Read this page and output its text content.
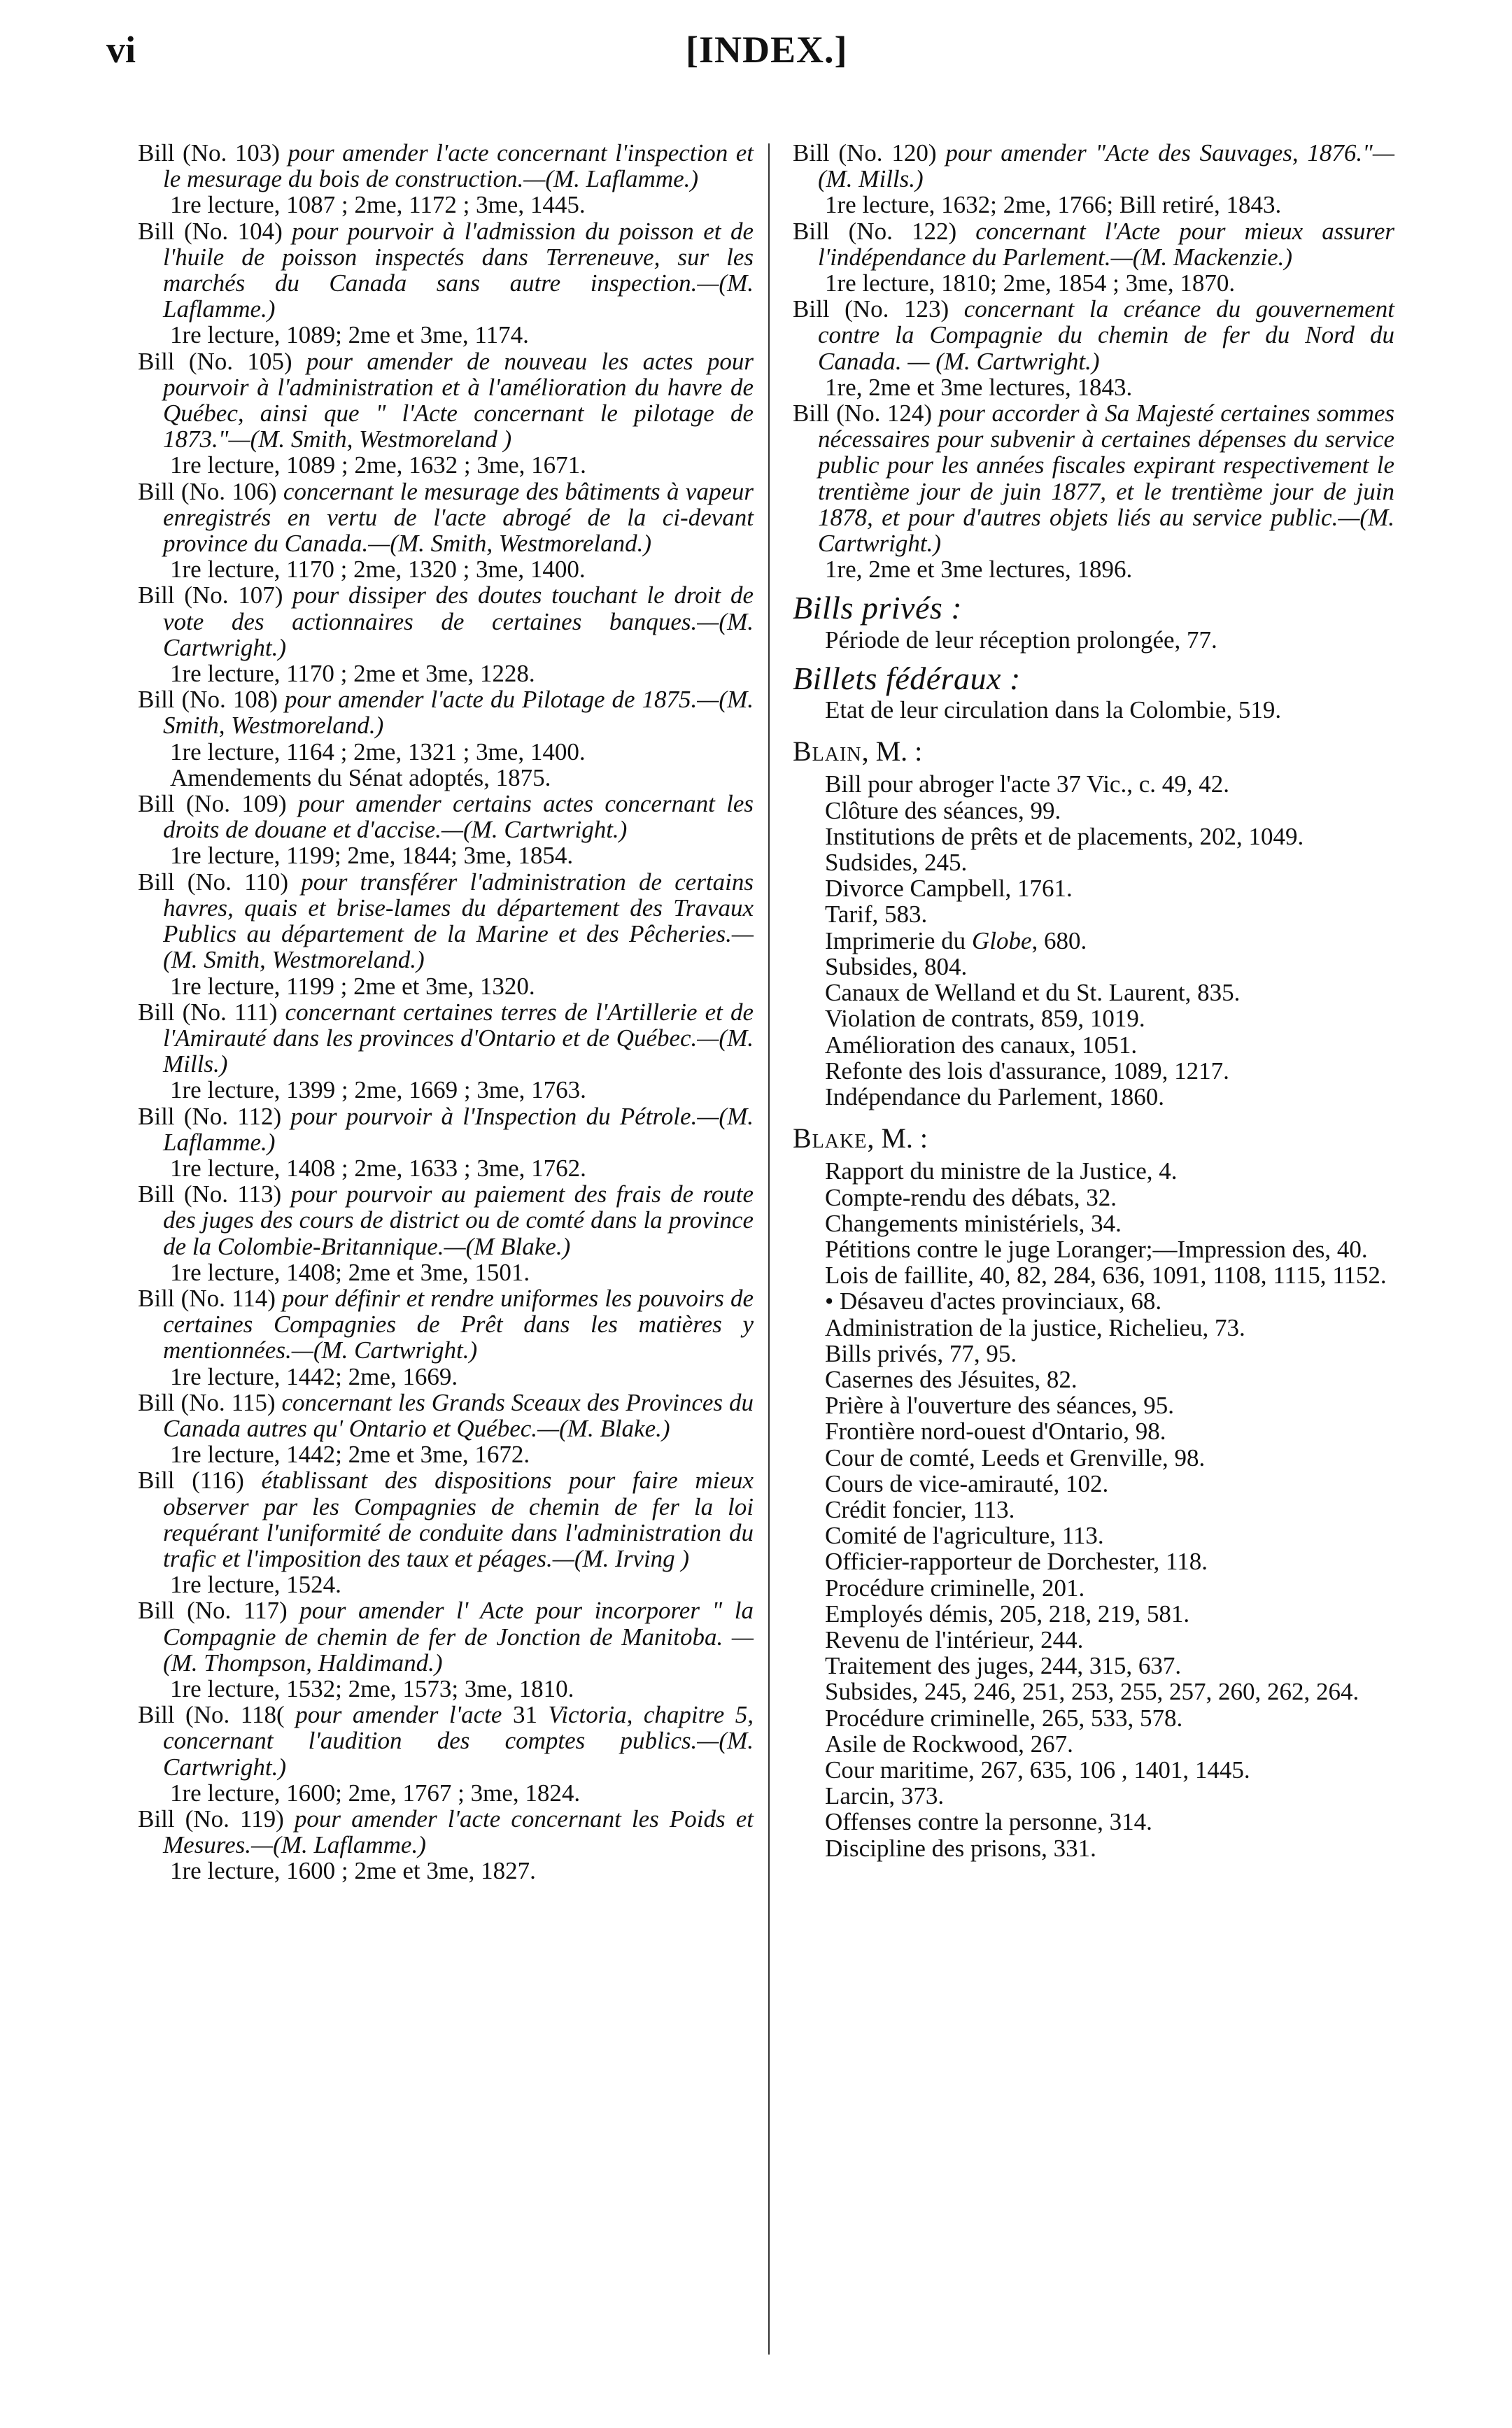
vi	[INDEX.]
Bill (No. 103) pour amender l'acte concernant l'inspection et le mesurage du bois de construction.—(M. Laflamme.)
1re lecture, 1087 ; 2me, 1172 ; 3me, 1445.
Bill (No. 104) pour pourvoir à l'admission du poisson et de l'huile de poisson inspectés dans Terreneuve, sur les marchés du Canada sans autre inspection.—(M. Laflamme.)
1re lecture, 1089; 2me et 3me, 1174.
Bill (No. 105) pour amender de nouveau les actes pour pourvoir à l'administration et à l'amélioration du havre de Québec, ainsi que " l'Acte concernant le pilotage de 1873."—(M. Smith, Westmoreland )
1re lecture, 1089 ; 2me, 1632 ; 3me, 1671.
Bill (No. 106) concernant le mesurage des bâtiments à vapeur enregistrés en vertu de l'acte abrogé de la ci-devant province du Canada.—(M. Smith, Westmoreland.)
1re lecture, 1170 ; 2me, 1320 ; 3me, 1400.
Bill (No. 107) pour dissiper des doutes touchant le droit de vote des actionnaires de certaines banques.—(M. Cartwright.)
1re lecture, 1170 ; 2me et 3me, 1228.
Bill (No. 108) pour amender l'acte du Pilotage de 1875.—(M. Smith, Westmoreland.)
1re lecture, 1164 ; 2me, 1321 ; 3me, 1400.
Amendements du Sénat adoptés, 1875.
Bill (No. 109) pour amender certains actes concernant les droits de douane et d'accise.—(M. Cartwright.)
1re lecture, 1199; 2me, 1844; 3me, 1854.
Bill (No. 110) pour transférer l'administration de certains havres, quais et brise-lames du département des Travaux Publics au département de la Marine et des Pêcheries.—(M. Smith, Westmoreland.)
1re lecture, 1199 ; 2me et 3me, 1320.
Bill (No. 111) concernant certaines terres de l'Artillerie et de l'Amirauté dans les provinces d'Ontario et de Québec.—(M. Mills.)
1re lecture, 1399 ; 2me, 1669 ; 3me, 1763.
Bill (No. 112) pour pourvoir à l'Inspection du Pétrole.—(M. Laflamme.)
1re lecture, 1408 ; 2me, 1633 ; 3me, 1762.
Bill (No. 113) pour pourvoir au paiement des frais de route des juges des cours de district ou de comté dans la province de la Colombie-Britannique.—(M Blake.)
1re lecture, 1408; 2me et 3me, 1501.
Bill (No. 114) pour définir et rendre uniformes les pouvoirs de certaines Compagnies de Prêt dans les matières y mentionnées.—(M. Cartwright.)
1re lecture, 1442; 2me, 1669.
Bill (No. 115) concernant les Grands Sceaux des Provinces du Canada autres qu' Ontario et Québec.—(M. Blake.)
1re lecture, 1442; 2me et 3me, 1672.
Bill (116) établissant des dispositions pour faire mieux observer par les Compagnies de chemin de fer la loi requérant l'uniformité de conduite dans l'administration du trafic et l'imposition des taux et péages.—(M. Irving )
1re lecture, 1524.
Bill (No. 117) pour amender l' Acte pour incorporer " la Compagnie de chemin de fer de Jonction de Manitoba. — (M. Thompson, Haldimand.)
1re lecture, 1532; 2me, 1573; 3me, 1810.
Bill (No. 118( pour amender l'acte 31 Victoria, chapitre 5, concernant l'audition des comptes publics.—(M. Cartwright.)
1re lecture, 1600; 2me, 1767 ; 3me, 1824.
Bill (No. 119) pour amender l'acte concernant les Poids et Mesures.—(M. Laflamme.)
1re lecture, 1600 ; 2me et 3me, 1827.
Bill (No. 120) pour amender "Acte des Sauvages, 1876."—(M. Mills.)
1re lecture, 1632; 2me, 1766; Bill retiré, 1843.
Bill (No. 122) concernant l'Acte pour mieux assurer l'indépendance du Parlement.—(M. Mackenzie.)
1re lecture, 1810; 2me, 1854 ; 3me, 1870.
Bill (No. 123) concernant la créance du gouvernement contre la Compagnie du chemin de fer du Nord du Canada. — (M. Cartwright.)
1re, 2me et 3me lectures, 1843.
Bill (No. 124) pour accorder à Sa Majesté certaines sommes nécessaires pour subvenir à certaines dépenses du service public pour les années fiscales expirant respectivement le trentième jour de juin 1877, et le trentième jour de juin 1878, et pour d'autres objets liés au service public.—(M. Cartwright.)
1re, 2me et 3me lectures, 1896.
Bills privés :
Période de leur réception prolongée, 77.
Billets fédéraux :
Etat de leur circulation dans la Colombie, 519.
Blain, M. :
Bill pour abroger l'acte 37 Vic., c. 49, 42.
Clôture des séances, 99.
Institutions de prêts et de placements, 202, 1049.
Sudsides, 245.
Divorce Campbell, 1761.
Tarif, 583.
Imprimerie du Globe, 680.
Subsides, 804.
Canaux de Welland et du St. Laurent, 835.
Violation de contrats, 859, 1019.
Amélioration des canaux, 1051.
Refonte des lois d'assurance, 1089, 1217.
Indépendance du Parlement, 1860.
Blake, M. :
Rapport du ministre de la Justice, 4.
Compte-rendu des débats, 32.
Changements ministériels, 34.
Pétitions contre le juge Loranger;—Impression des, 40.
Lois de faillite, 40, 82, 284, 636, 1091, 1108, 1115, 1152.
• Désaveu d'actes provinciaux, 68.
Administration de la justice, Richelieu, 73.
Bills privés, 77, 95.
Casernes des Jésuites, 82.
Prière à l'ouverture des séances, 95.
Frontière nord-ouest d'Ontario, 98.
Cour de comté, Leeds et Grenville, 98.
Cours de vice-amirauté, 102.
Crédit foncier, 113.
Comité de l'agriculture, 113.
Officier-rapporteur de Dorchester, 118.
Procédure criminelle, 201.
Employés démis, 205, 218, 219, 581.
Revenu de l'intérieur, 244.
Traitement des juges, 244, 315, 637.
Subsides, 245, 246, 251, 253, 255, 257, 260, 262, 264.
Procédure criminelle, 265, 533, 578.
Asile de Rockwood, 267.
Cour maritime, 267, 635, 106 , 1401, 1445.
Larcin, 373.
Offenses contre la personne, 314.
Discipline des prisons, 331.
